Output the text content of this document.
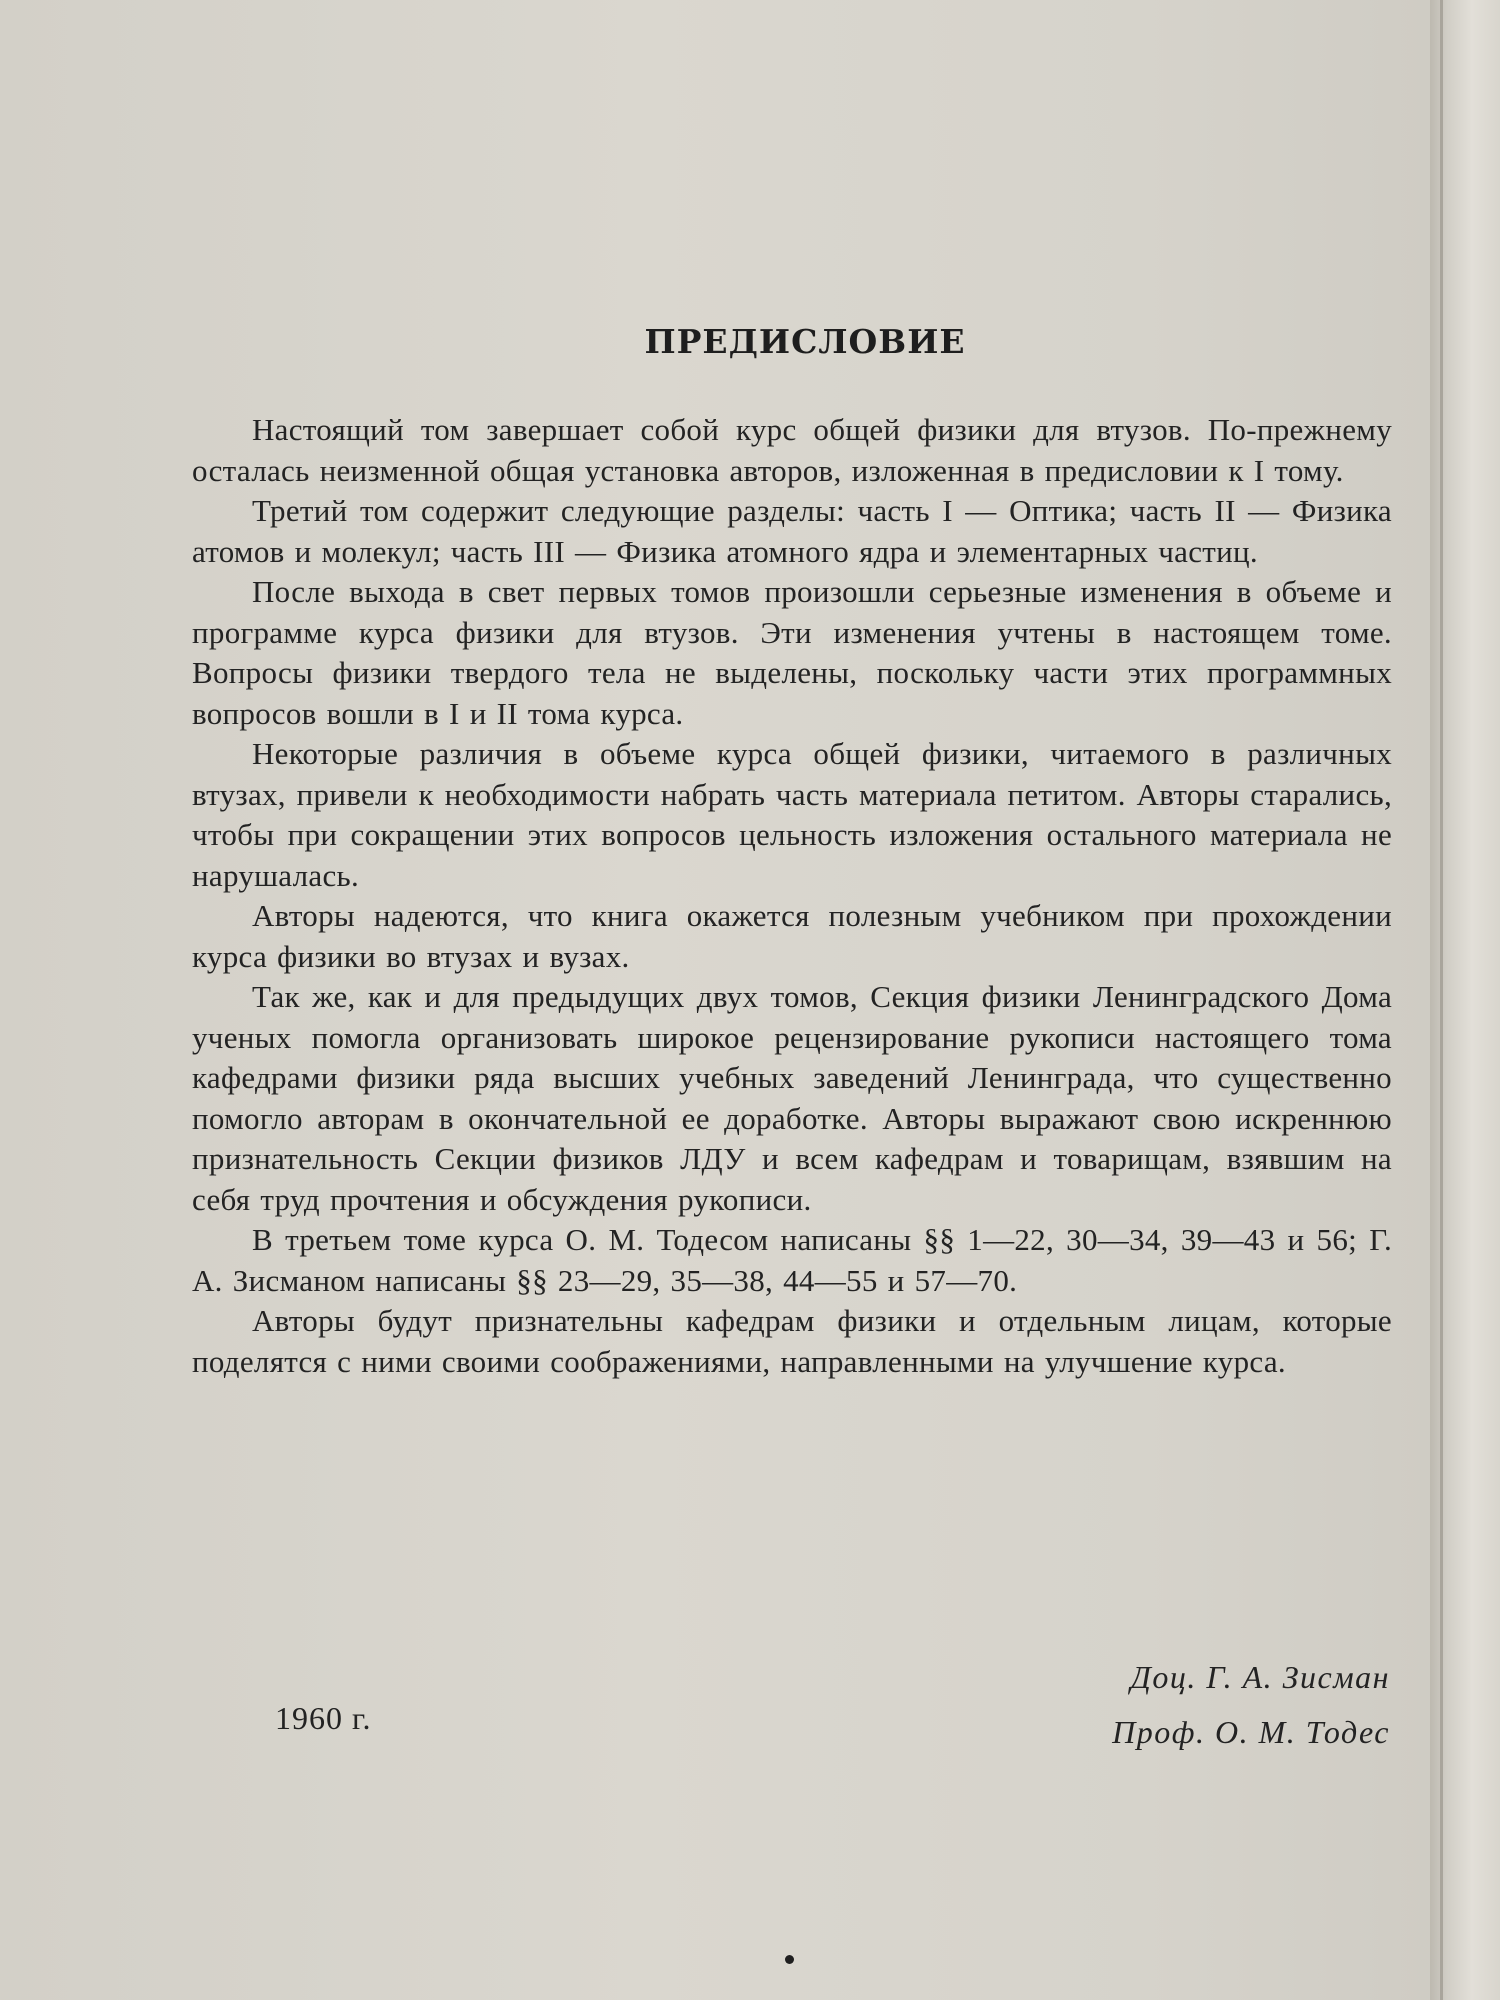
ПРЕДИСЛОВИЕ

Настоящий том завершает собой курс общей физики для втузов. По-прежнему осталась неизменной общая установка авторов, изложенная в предисловии к I тому.

Третий том содержит следующие разделы: часть I — Оптика; часть II — Физика атомов и молекул; часть III — Физика атомного ядра и элементарных частиц.

После выхода в свет первых томов произошли серьезные изменения в объеме и программе курса физики для втузов. Эти изменения учтены в настоящем томе. Вопросы физики твердого тела не выделены, поскольку части этих программных вопросов вошли в I и II тома курса.

Некоторые различия в объеме курса общей физики, читаемого в различных втузах, привели к необходимости набрать часть материала петитом. Авторы старались, чтобы при сокращении этих вопросов цельность изложения остального материала не нарушалась.

Авторы надеются, что книга окажется полезным учебником при прохождении курса физики во втузах и вузах.

Так же, как и для предыдущих двух томов, Секция физики Ленинградского Дома ученых помогла организовать широкое рецензирование рукописи настоящего тома кафедрами физики ряда высших учебных заведений Ленинграда, что существенно помогло авторам в окончательной ее доработке. Авторы выражают свою искреннюю признательность Секции физиков ЛДУ и всем кафедрам и товарищам, взявшим на себя труд прочтения и обсуждения рукописи.

В третьем томе курса О. М. Тодесом написаны §§ 1—22, 30—34, 39—43 и 56; Г. А. Зисманом написаны §§ 23—29, 35—38, 44—55 и 57—70.

Авторы будут признательны кафедрам физики и отдельным лицам, которые поделятся с ними своими соображениями, направленными на улучшение курса.

Доц. Г. А. Зисман
Проф. О. М. Тодес
1960 г.
